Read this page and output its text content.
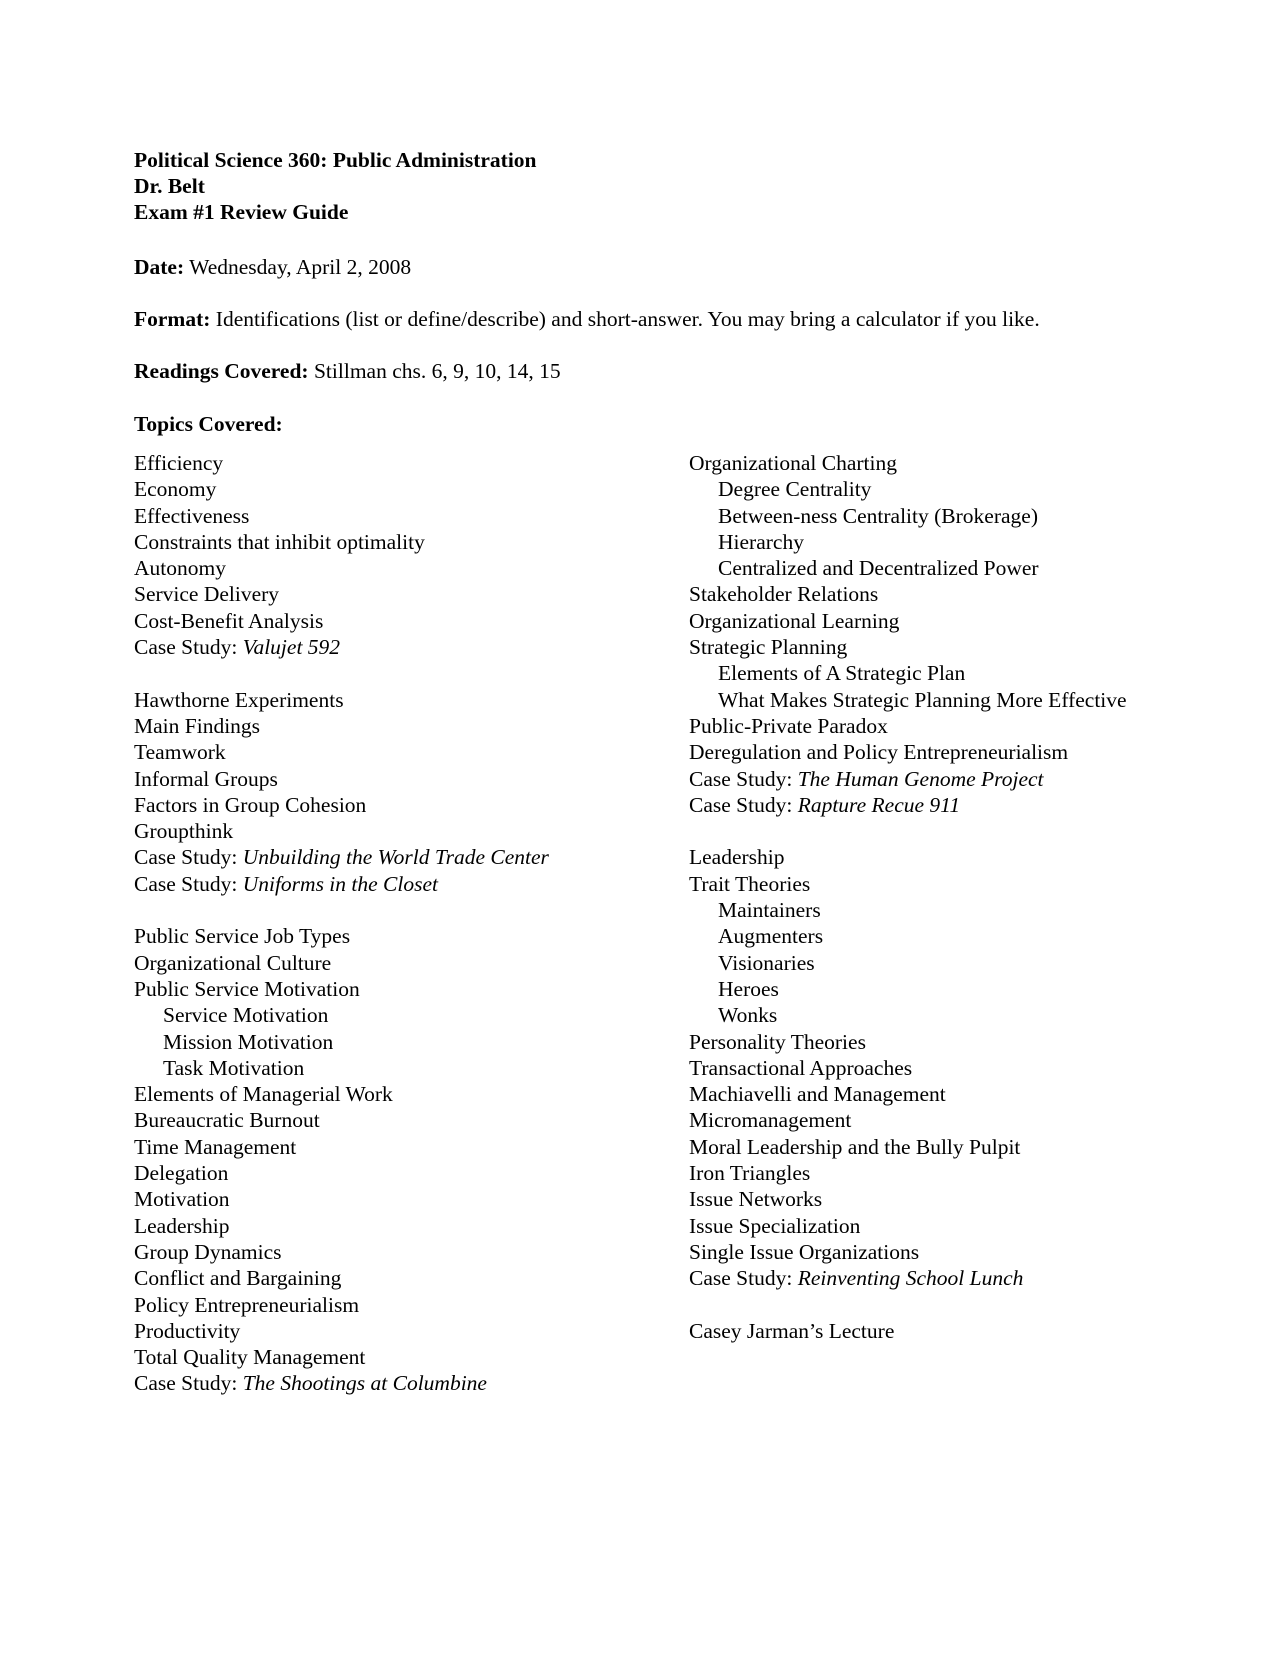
Political Science 360: Public Administration
Dr. Belt
Exam #1 Review Guide
Date: Wednesday, April 2, 2008
Format: Identifications (list or define/describe) and short-answer. You may bring a calculator if you like.
Readings Covered: Stillman chs. 6, 9, 10, 14, 15
Topics Covered:
Efficiency
Economy
Effectiveness
Constraints that inhibit optimality
Autonomy
Service Delivery
Cost-Benefit Analysis
Case Study: Valujet 592
Hawthorne Experiments
Main Findings
Teamwork
Informal Groups
Factors in Group Cohesion
Groupthink
Case Study: Unbuilding the World Trade Center
Case Study: Uniforms in the Closet
Public Service Job Types
Organizational Culture
Public Service Motivation
Service Motivation
Mission Motivation
Task Motivation
Elements of Managerial Work
Bureaucratic Burnout
Time Management
Delegation
Motivation
Leadership
Group Dynamics
Conflict and Bargaining
Policy Entrepreneurialism
Productivity
Total Quality Management
Case Study: The Shootings at Columbine
Organizational Charting
Degree Centrality
Between-ness Centrality (Brokerage)
Hierarchy
Centralized and Decentralized Power
Stakeholder Relations
Organizational Learning
Strategic Planning
Elements of A Strategic Plan
What Makes Strategic Planning More Effective
Public-Private Paradox
Deregulation and Policy Entrepreneurialism
Case Study: The Human Genome Project
Case Study: Rapture Recue 911
Leadership
Trait Theories
Maintainers
Augmenters
Visionaries
Heroes
Wonks
Personality Theories
Transactional Approaches
Machiavelli and Management
Micromanagement
Moral Leadership and the Bully Pulpit
Iron Triangles
Issue Networks
Issue Specialization
Single Issue Organizations
Case Study: Reinventing School Lunch
Casey Jarman’s Lecture
